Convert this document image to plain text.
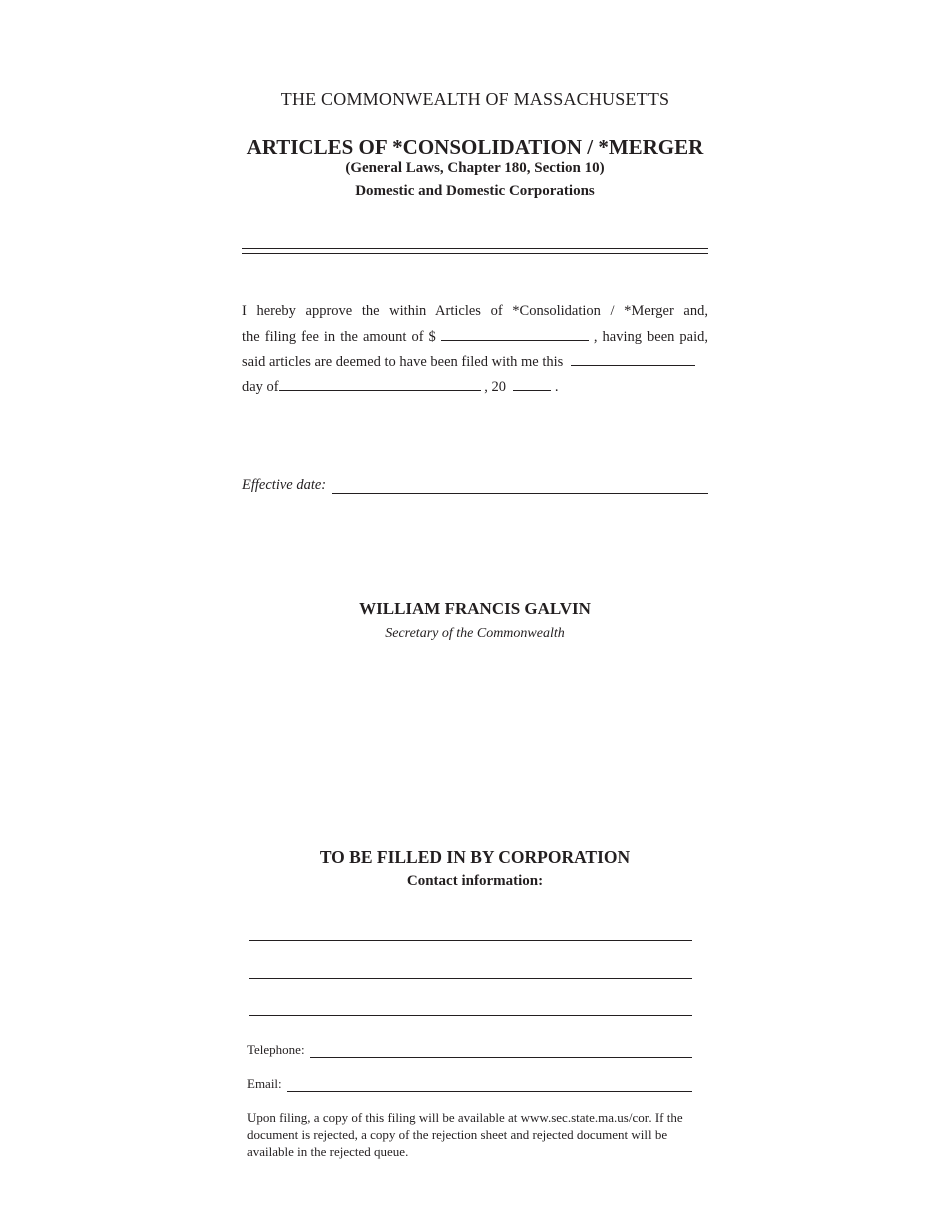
THE COMMONWEALTH OF MASSACHUSETTS
ARTICLES OF *CONSOLIDATION / *MERGER
(General Laws, Chapter 180, Section 10)
Domestic and Domestic Corporations
I hereby approve the within Articles of *Consolidation / *Merger and,
the filing fee in the amount of $	, having been paid,
said articles are deemed to have been filed with me this
day of	, 20	.
Effective date:
WILLIAM FRANCIS GALVIN
Secretary of the Commonwealth
TO BE FILLED IN BY CORPORATION
Contact information:
Telephone:
Email:
Upon filing, a copy of this filing will be available at www.sec.state.ma.us/cor. If the document is rejected, a copy of the rejection sheet and rejected document will be available in the rejected queue.
